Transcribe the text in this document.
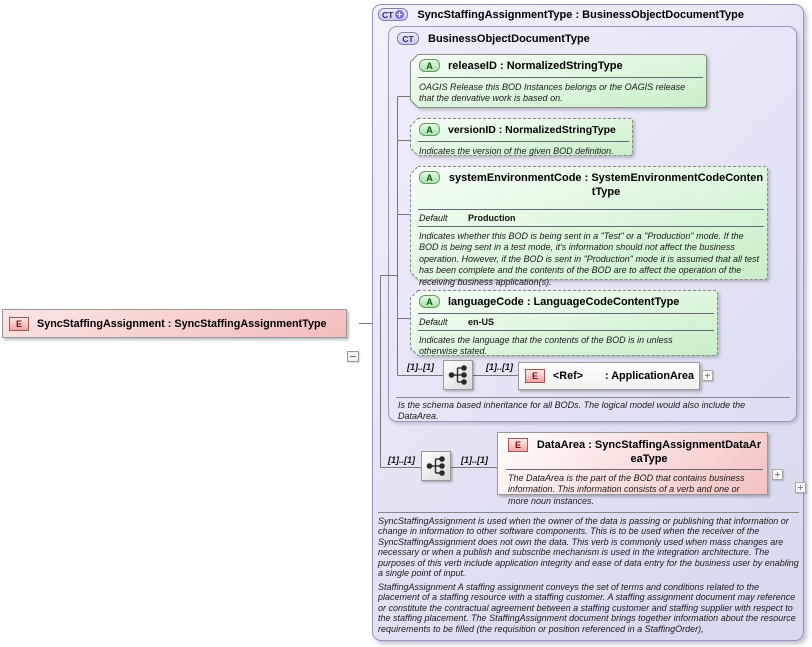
CT SyncStaffingAssignmentType : BusinessObjectDocumentType
CT BusinessObjectDocumentType
A	releaseID : NormalizedStringType
OAGIS Release this BOD Instances belongs or the OAGIS release that the derivative work is based on.
A	versionID : NormalizedStringType
Indicates the version of the given BOD definition.
A	systemEnvironmentCode : SystemEnvironmentCodeContentType
Default	Production
Indicates whether this BOD is being sent in a "Test" or a "Production" mode. If the BOD is being sent in a test mode, it's information should not affect the business operation. However, if the BOD is sent in "Production" mode it is assumed that all test has been complete and the contents of the BOD are to affect the operation of the receiving business application(s).
A	languageCode : LanguageCodeContentType
Default	en-US
Indicates the language that the contents of the BOD is in unless otherwise stated.
[1]..[1]	[1]..[1]
E	<Ref> : ApplicationArea
Is the schema based inheritance for all BODs. The logical model would also include the DataArea.
[1]..[1]	[1]..[1]
E	DataArea : SyncStaffingAssignmentDataAreaType
The DataArea is the part of the BOD that contains business information. This information consists of a verb and one or more noun instances.
SyncStaffingAssignment is used when the owner of the data is passing or publishing that information or change in information to other software components. This is to be used when the receiver of the SyncStaffingAssignment does not own the data. This verb is commonly used when mass changes are necessary or when a publish and subscribe mechanism is used in the integration architecture. The purposes of this verb include application integrity and ease of data entry for the business user by enabling a single point of input.
StaffingAssignment A staffing assignment conveys the set of terms and conditions related to the placement of a staffing resource with a staffing customer. A staffing assignment document may reference or constitute the contractual agreement between a staffing customer and staffing supplier with respect to the staffing placement. The StaffingAssignment document brings together information about the resource requirements to be filled (the requisition or position referenced in a StaffingOrder),
E	SyncStaffingAssignment : SyncStaffingAssignmentType
